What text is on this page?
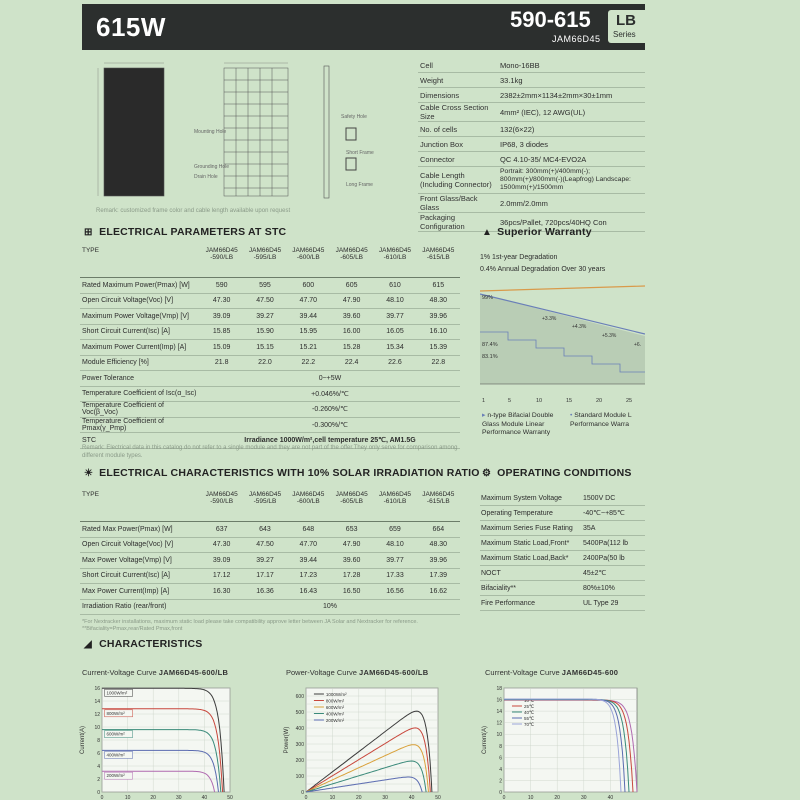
615W	590-615
JAM66D45
LB
Series
Mounting Hole
Grounding Hole
Drain Hole
Long Frame
Short Frame
Safety Hole
Remark: customized frame color and cable length available upon request
Cell	Mono-16BB
Weight	33.1kg
Dimensions	2382±2mm×1134±2mm×30±1mm
Cable Cross Section Size	4mm² (IEC), 12 AWG(UL)
No. of cells	132(6×22)
Junction Box	IP68, 3 diodes
Connector	QC 4.10-35/ MC4-EVO2A
Cable Length (Including Connector)	Portrait: 300mm(+)/400mm(-); 800mm(+)/800mm(-)(Leapfrog) Landscape: 1500mm(+)/1500mm
Front Glass/Back Glass	2.0mm/2.0mm
Packaging Configuration	36pcs/Pallet, 720pcs/40HQ Con
⊞ ELECTRICAL PARAMETERS AT STC
TYPE	JAM66D45 -590/LB	JAM66D45 -595/LB	JAM66D45 -600/LB	JAM66D45 -605/LB	JAM66D45 -610/LB	JAM66D45 -615/LB
Rated Maximum Power(Pmax) [W]	590	595	600	605	610	615
Open Circuit Voltage(Voc) [V]	47.30	47.50	47.70	47.90	48.10	48.30
Maximum Power Voltage(Vmp) [V]	39.09	39.27	39.44	39.60	39.77	39.96
Short Circuit Current(Isc) [A]	15.85	15.90	15.95	16.00	16.05	16.10
Maximum Power Current(Imp) [A]	15.09	15.15	15.21	15.28	15.34	15.39
Module Efficiency [%]	21.8	22.0	22.2	22.4	22.6	22.8
Power Tolerance	0~+5W					
Temperature Coefficient of Isc(α_Isc)	+0.046%/℃					
Temperature Coefficient of Voc(β_Voc)	-0.260%/℃					
Temperature Coefficient of Pmax(γ_Pmp)	-0.300%/℃					
STC	Irradiance 1000W/m²,cell temperature 25℃, AM1.5G					
Remark: Electrical data in this catalog do not refer to a single module and they are not part of the offer.They only serve for comparison among different module types.
▲ Superior Warranty
1% 1st-year Degradation
0.4% Annual Degradation Over 30 years
99%
87.4%
83.1%
+3.3%
+4.3%
+5.3%
+6.
1	5	10	15	20	25
▸ n-type Bifacial Double Glass Module Linear Performance Warranty
• Standard Module L Performance Warra
☀ ELECTRICAL CHARACTERISTICS WITH 10% SOLAR IRRADIATION RATIO
TYPE	JAM66D45 -590/LB	JAM66D45 -595/LB	JAM66D45 -600/LB	JAM66D45 -605/LB	JAM66D45 -610/LB	JAM66D45 -615/LB
Rated Max Power(Pmax) [W]	637	643	648	653	659	664
Open Circuit Voltage(Voc) [V]	47.30	47.50	47.70	47.90	48.10	48.30
Max Power Voltage(Vmp) [V]	39.09	39.27	39.44	39.60	39.77	39.96
Short Circuit Current(Isc) [A]	17.12	17.17	17.23	17.28	17.33	17.39
Max Power Current(Imp) [A]	16.30	16.36	16.43	16.50	16.56	16.62
Irradiation Ratio (rear/front)	10%					
*For Nextracker installations, maximum static load please take compatibility approve letter between JA Solar and Nextracker for reference. **Bifaciality=Pmax,rear/Rated Pmax,front
⚙ OPERATING CONDITIONS
Maximum System Voltage	1500V DC
Operating Temperature	-40℃~+85℃
Maximum Series Fuse Rating	35A
Maximum Static Load,Front*	5400Pa(112 lb
Maximum Static Load,Back*	2400Pa(50 lb
NOCT	45±2℃
Bifaciality**	80%±10%
Fire Performance	UL Type 29
◢ CHARACTERISTICS
Current-Voltage Curve JAM66D45-600/LB	Power-Voltage Curve JAM66D45-600/LB	Current-Voltage Curve JAM66D45-600
0
2
4
6
8
10
12
14
16
0	10	20	30	40	50
Current(A)
1000W/m²
800W/m²
600W/m²
400W/m²
200W/m²
0
100
200
300
400
500
600
0	10	20	30	40	50
Power(W)
1000W/m²
800W/m²
600W/m²
400W/m²
200W/m²
0
2
4
6
8
10
12
14
16
18
0	10	20	30	40
Current(A)
10℃
25℃
40℃
55℃
70℃
